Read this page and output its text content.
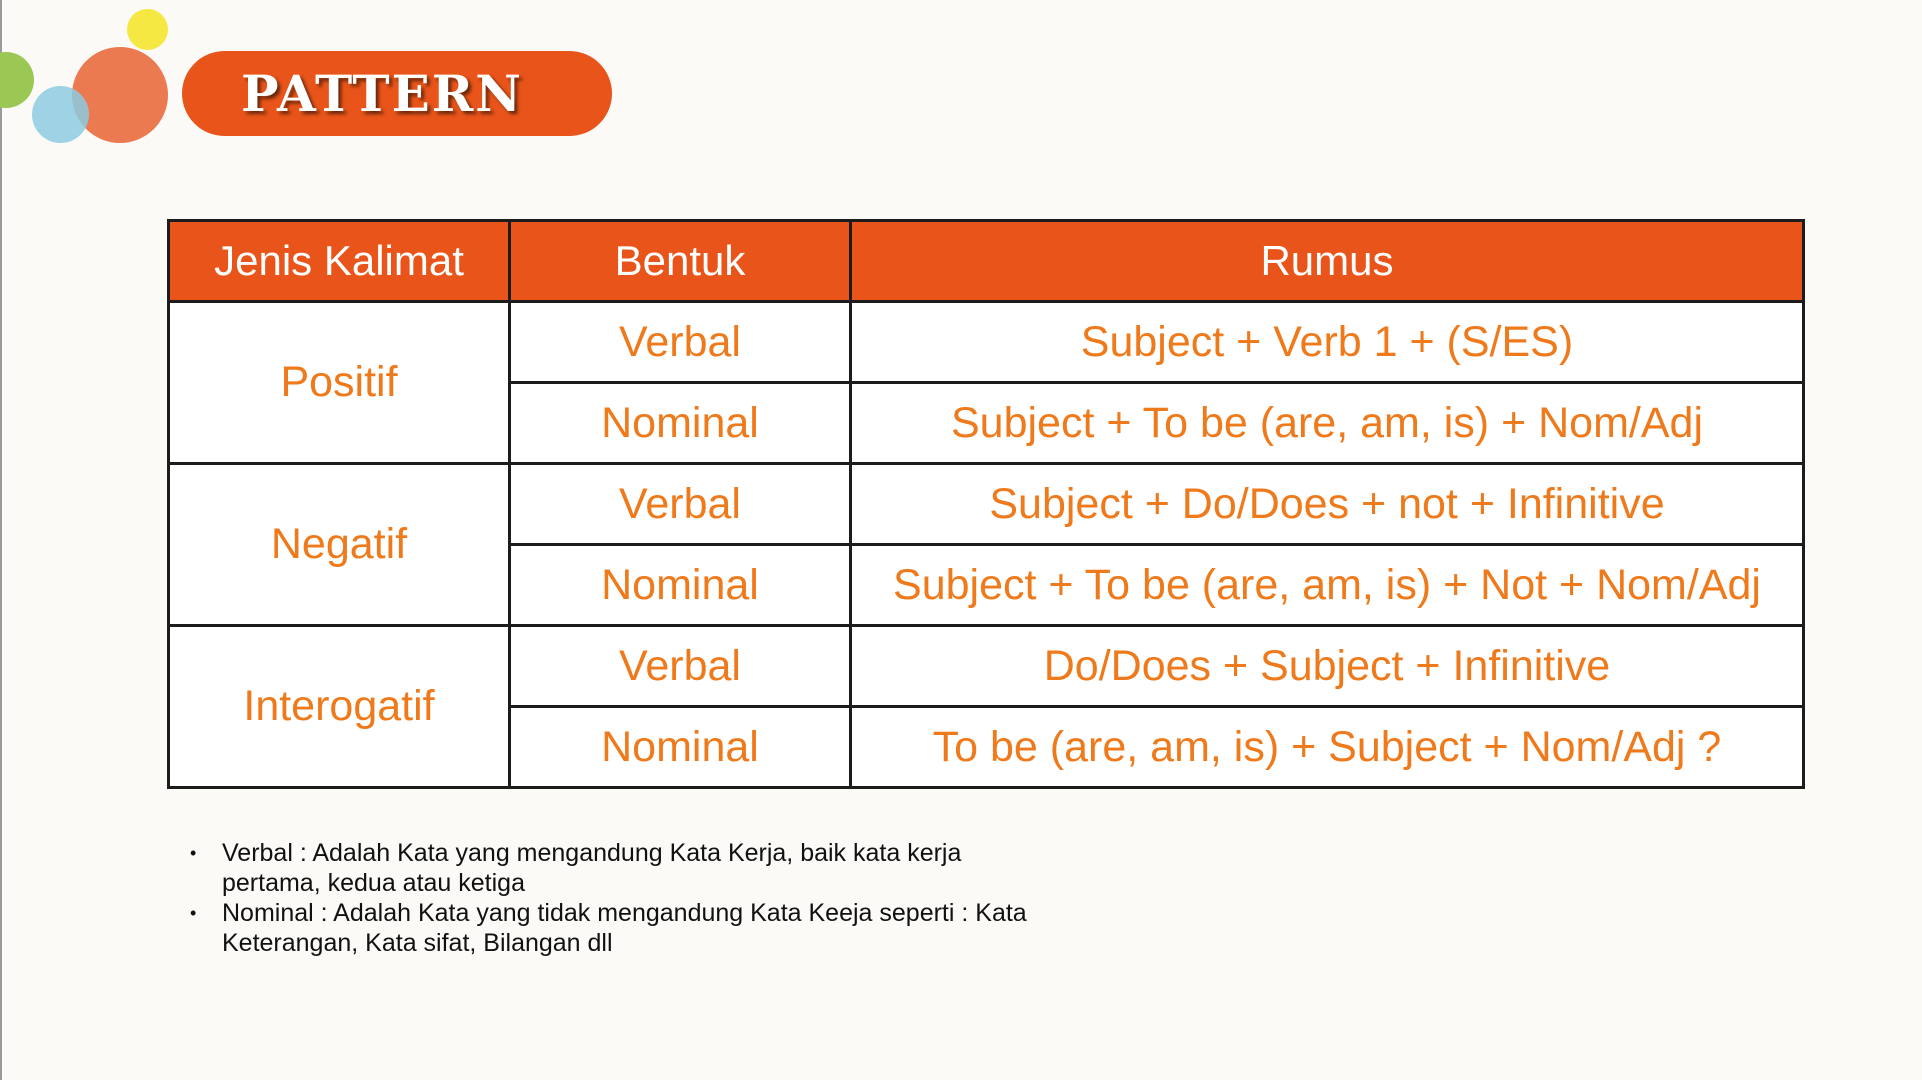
PATTERN
Jenis Kalimat	Bentuk	Rumus
Positif	Verbal	Subject + Verb 1 + (S/ES)
	Nominal	Subject + To be (are, am, is) + Nom/Adj
Negatif	Verbal	Subject + Do/Does + not + Infinitive
	Nominal	Subject + To be (are, am, is) + Not + Nom/Adj
Interogatif	Verbal	Do/Does + Subject + Infinitive
	Nominal	To be (are, am, is) + Subject + Nom/Adj ?
• Verbal : Adalah Kata yang mengandung Kata Kerja, baik kata kerja pertama, kedua atau ketiga
• Nominal : Adalah Kata yang tidak mengandung Kata Keeja seperti : Kata Keterangan, Kata sifat, Bilangan dll
